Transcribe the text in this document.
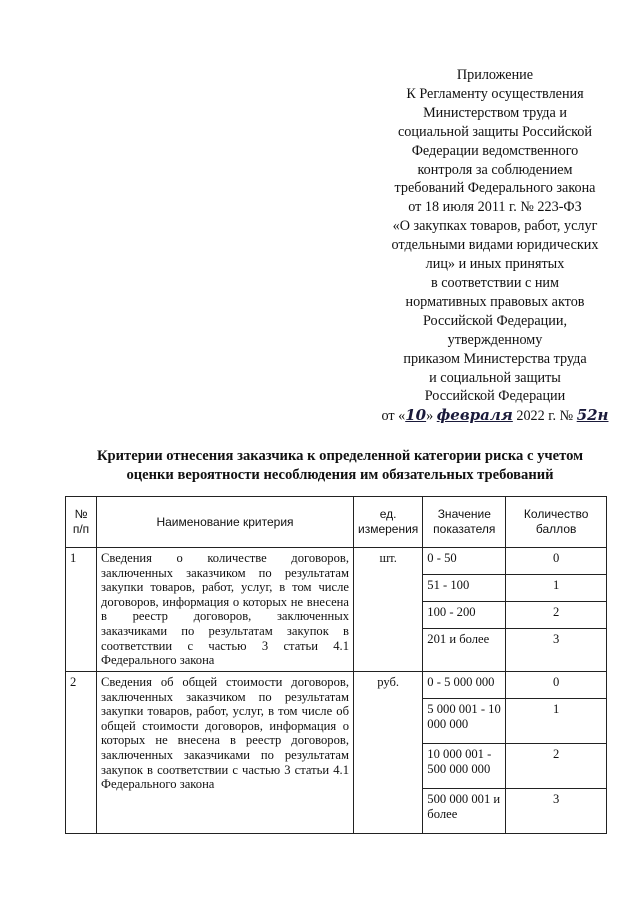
Приложение
К Регламенту осуществления
Министерством труда и
социальной защиты Российской
Федерации ведомственного
контроля за соблюдением
требований Федерального закона
от 18 июля 2011 г. № 223-ФЗ
«О закупках товаров, работ, услуг
отдельными видами юридических
лиц» и иных принятых
в соответствии с ним
нормативных правовых актов
Российской Федерации,
утвержденному
приказом Министерства труда
и социальной защиты
Российской Федерации
от «10» февраля 2022 г. № 52н
Критерии отнесения заказчика к определенной категории риска с учетом
оценки вероятности несоблюдения им обязательных требований
№ п/п	Наименование критерия	ед. измерения	Значение показателя	Количество баллов
1	Сведения о количестве договоров, заключенных заказчиком по результатам закупки товаров, работ, услуг, в том числе договоров, информация о которых не внесена в реестр договоров, заключенных заказчиками по результатам закупок в соответствии с частью 3 статьи 4.1 Федерального закона	шт.	0 - 50	0
			51 - 100	1
			100 - 200	2
			201 и более	3
2	Сведения об общей стоимости договоров, заключенных заказчиком по результатам закупки товаров, работ, услуг, в том числе об общей стоимости договоров, информация о которых не внесена в реестр договоров, заключенных заказчиками по результатам закупок в соответствии с частью 3 статьи 4.1 Федерального закона	руб.	0 - 5 000 000	0
			5 000 001 - 10 000 000	1
			10 000 001 - 500 000 000	2
			500 000 001 и более	3
